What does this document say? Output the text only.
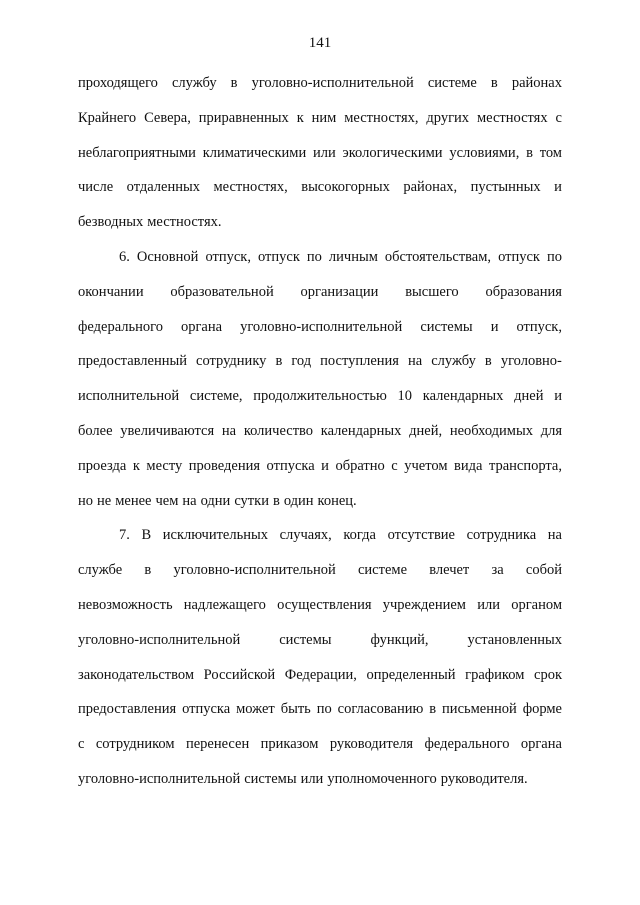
141
проходящего службу в уголовно-исполнительной системе в районах
Крайнего Севера, приравненных к ним местностях, других местностях с
неблагоприятными климатическими или экологическими условиями, в том
числе отдаленных местностях, высокогорных районах, пустынных и
безводных местностях.
6. Основной отпуск, отпуск по личным обстоятельствам, отпуск по
окончании образовательной организации высшего образования
федерального органа уголовно-исполнительной системы и отпуск,
предоставленный сотруднику в год поступления на службу в уголовно-
исполнительной системе, продолжительностью 10 календарных дней и
более увеличиваются на количество календарных дней, необходимых для
проезда к месту проведения отпуска и обратно с учетом вида транспорта,
но не менее чем на одни сутки в один конец.
7. В исключительных случаях, когда отсутствие сотрудника на
службе в уголовно-исполнительной системе влечет за собой
невозможность надлежащего осуществления учреждением или органом
уголовно-исполнительной	системы	функций,	установленных
законодательством Российской Федерации, определенный графиком срок
предоставления отпуска может быть по согласованию в письменной форме
с сотрудником перенесен приказом руководителя федерального органа
уголовно-исполнительной системы или уполномоченного руководителя.
